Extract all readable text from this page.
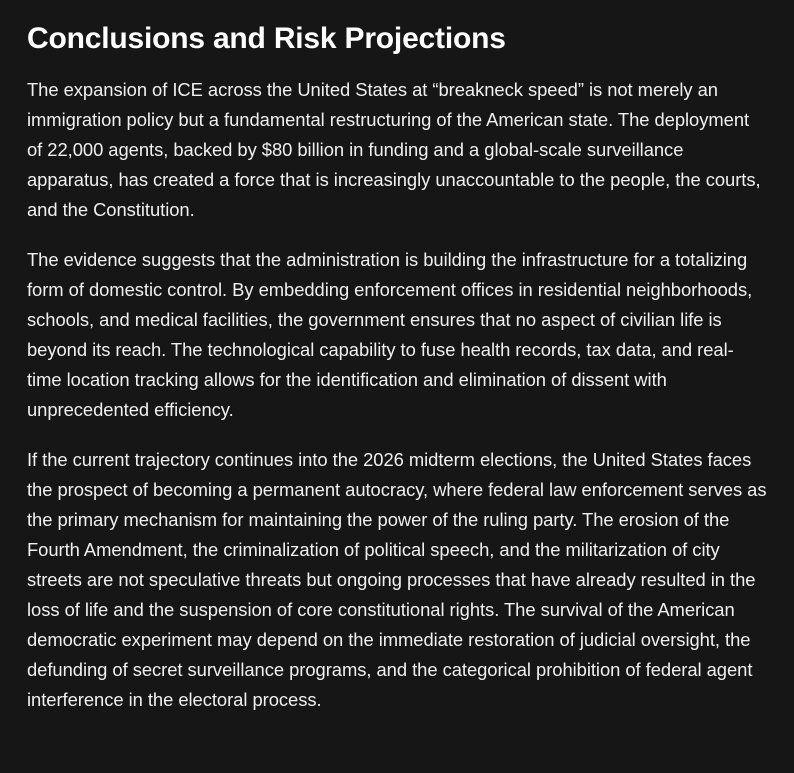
Conclusions and Risk Projections

The expansion of ICE across the United States at “breakneck speed” is not merely an immigration policy but a fundamental restructuring of the American state. The deployment of 22,000 agents, backed by $80 billion in funding and a global-scale surveillance apparatus, has created a force that is increasingly unaccountable to the people, the courts, and the Constitution.

The evidence suggests that the administration is building the infrastructure for a totalizing form of domestic control. By embedding enforcement offices in residential neighborhoods, schools, and medical facilities, the government ensures that no aspect of civilian life is beyond its reach. The technological capability to fuse health records, tax data, and real-time location tracking allows for the identification and elimination of dissent with unprecedented efficiency.

If the current trajectory continues into the 2026 midterm elections, the United States faces the prospect of becoming a permanent autocracy, where federal law enforcement serves as the primary mechanism for maintaining the power of the ruling party. The erosion of the Fourth Amendment, the criminalization of political speech, and the militarization of city streets are not speculative threats but ongoing processes that have already resulted in the loss of life and the suspension of core constitutional rights. The survival of the American democratic experiment may depend on the immediate restoration of judicial oversight, the defunding of secret surveillance programs, and the categorical prohibition of federal agent interference in the electoral process.
